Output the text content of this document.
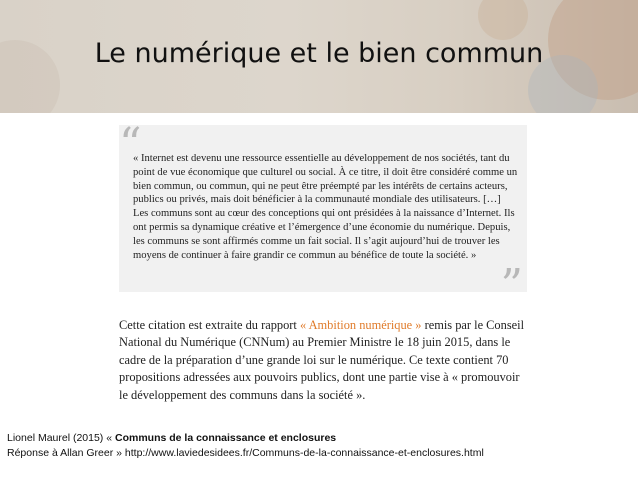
Le numérique et le bien commun
“
« Internet est devenu une ressource essentielle au développement de nos sociétés, tant du point de vue économique que culturel ou social. À ce titre, il doit être considéré comme un bien commun, ou commun, qui ne peut être préempté par les intérêts de certains acteurs, publics ou privés, mais doit bénéficier à la communauté mondiale des utilisateurs. […] Les communs sont au cœur des conceptions qui ont présidées à la naissance d’Internet. Ils ont permis sa dynamique créative et l’émergence d’une économie du numérique. Depuis, les communs se sont affirmés comme un fait social. Il s’agit aujourd’hui de trouver les moyens de continuer à faire grandir ce commun au bénéfice de toute la société. »
”
Cette citation est extraite du rapport « Ambition numérique » remis par le Conseil National du Numérique (CNNum) au Premier Ministre le 18 juin 2015, dans le cadre de la préparation d’une grande loi sur le numérique. Ce texte contient 70 propositions adressées aux pouvoirs publics, dont une partie vise à « promouvoir le développement des communs dans la société ».
Lionel Maurel (2015) « Communs de la connaissance et enclosures
Réponse à Allan Greer » http://www.laviedesidees.fr/Communs-de-la-connaissance-et-enclosures.html
